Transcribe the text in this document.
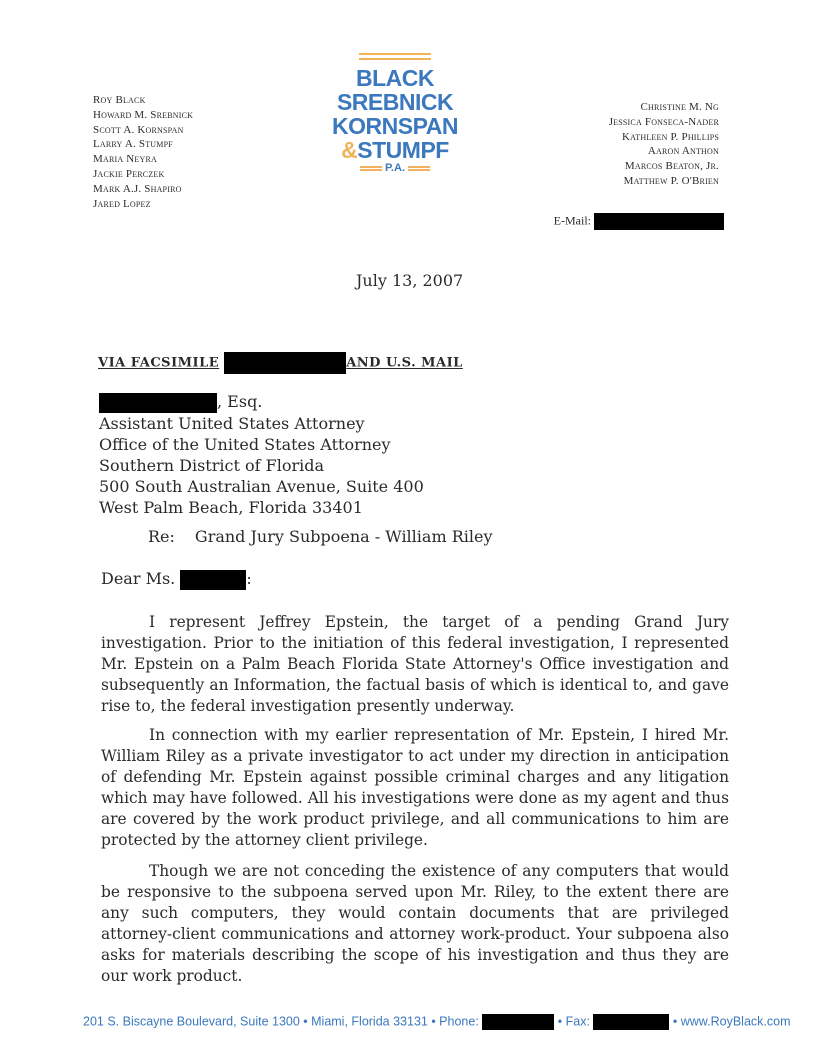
Roy Black
Howard M. Srebnick
Scott A. Kornspan
Larry A. Stumpf
Maria Neyra
Jackie Perczek
Mark A.J. Shapiro
Jared Lopez
BLACK
SREBNICK
KORNSPAN
&STUMPF
P.A.
Christine M. Ng
Jessica Fonseca-Nader
Kathleen P. Phillips
Aaron Anthon
Marcos Beaton, Jr.
Matthew P. O'Brien
E-Mail:
July 13, 2007
VIA FACSIMILE	AND U.S. MAIL
, Esq.
Assistant United States Attorney
Office of the United States Attorney
Southern District of Florida
500 South Australian Avenue, Suite 400
West Palm Beach, Florida 33401
Re: Grand Jury Subpoena - William Riley
Dear Ms.	:

I represent Jeffrey Epstein, the target of a pending Grand Jury investigation. Prior to the initiation of this federal investigation, I represented Mr. Epstein on a Palm Beach Florida State Attorney's Office investigation and subsequently an Information, the factual basis of which is identical to, and gave rise to, the federal investigation presently underway.

In connection with my earlier representation of Mr. Epstein, I hired Mr. William Riley as a private investigator to act under my direction in anticipation of defending Mr. Epstein against possible criminal charges and any litigation which may have followed. All his investigations were done as my agent and thus are covered by the work product privilege, and all communications to him are protected by the attorney client privilege.

Though we are not conceding the existence of any computers that would be responsive to the subpoena served upon Mr. Riley, to the extent there are any such computers, they would contain documents that are privileged attorney-client communications and attorney work-product. Your subpoena also asks for materials describing the scope of his investigation and thus they are our work product.

201 S. Biscayne Boulevard, Suite 1300 • Miami, Florida 33131 • Phone:	• Fax:	• www.RoyBlack.com
